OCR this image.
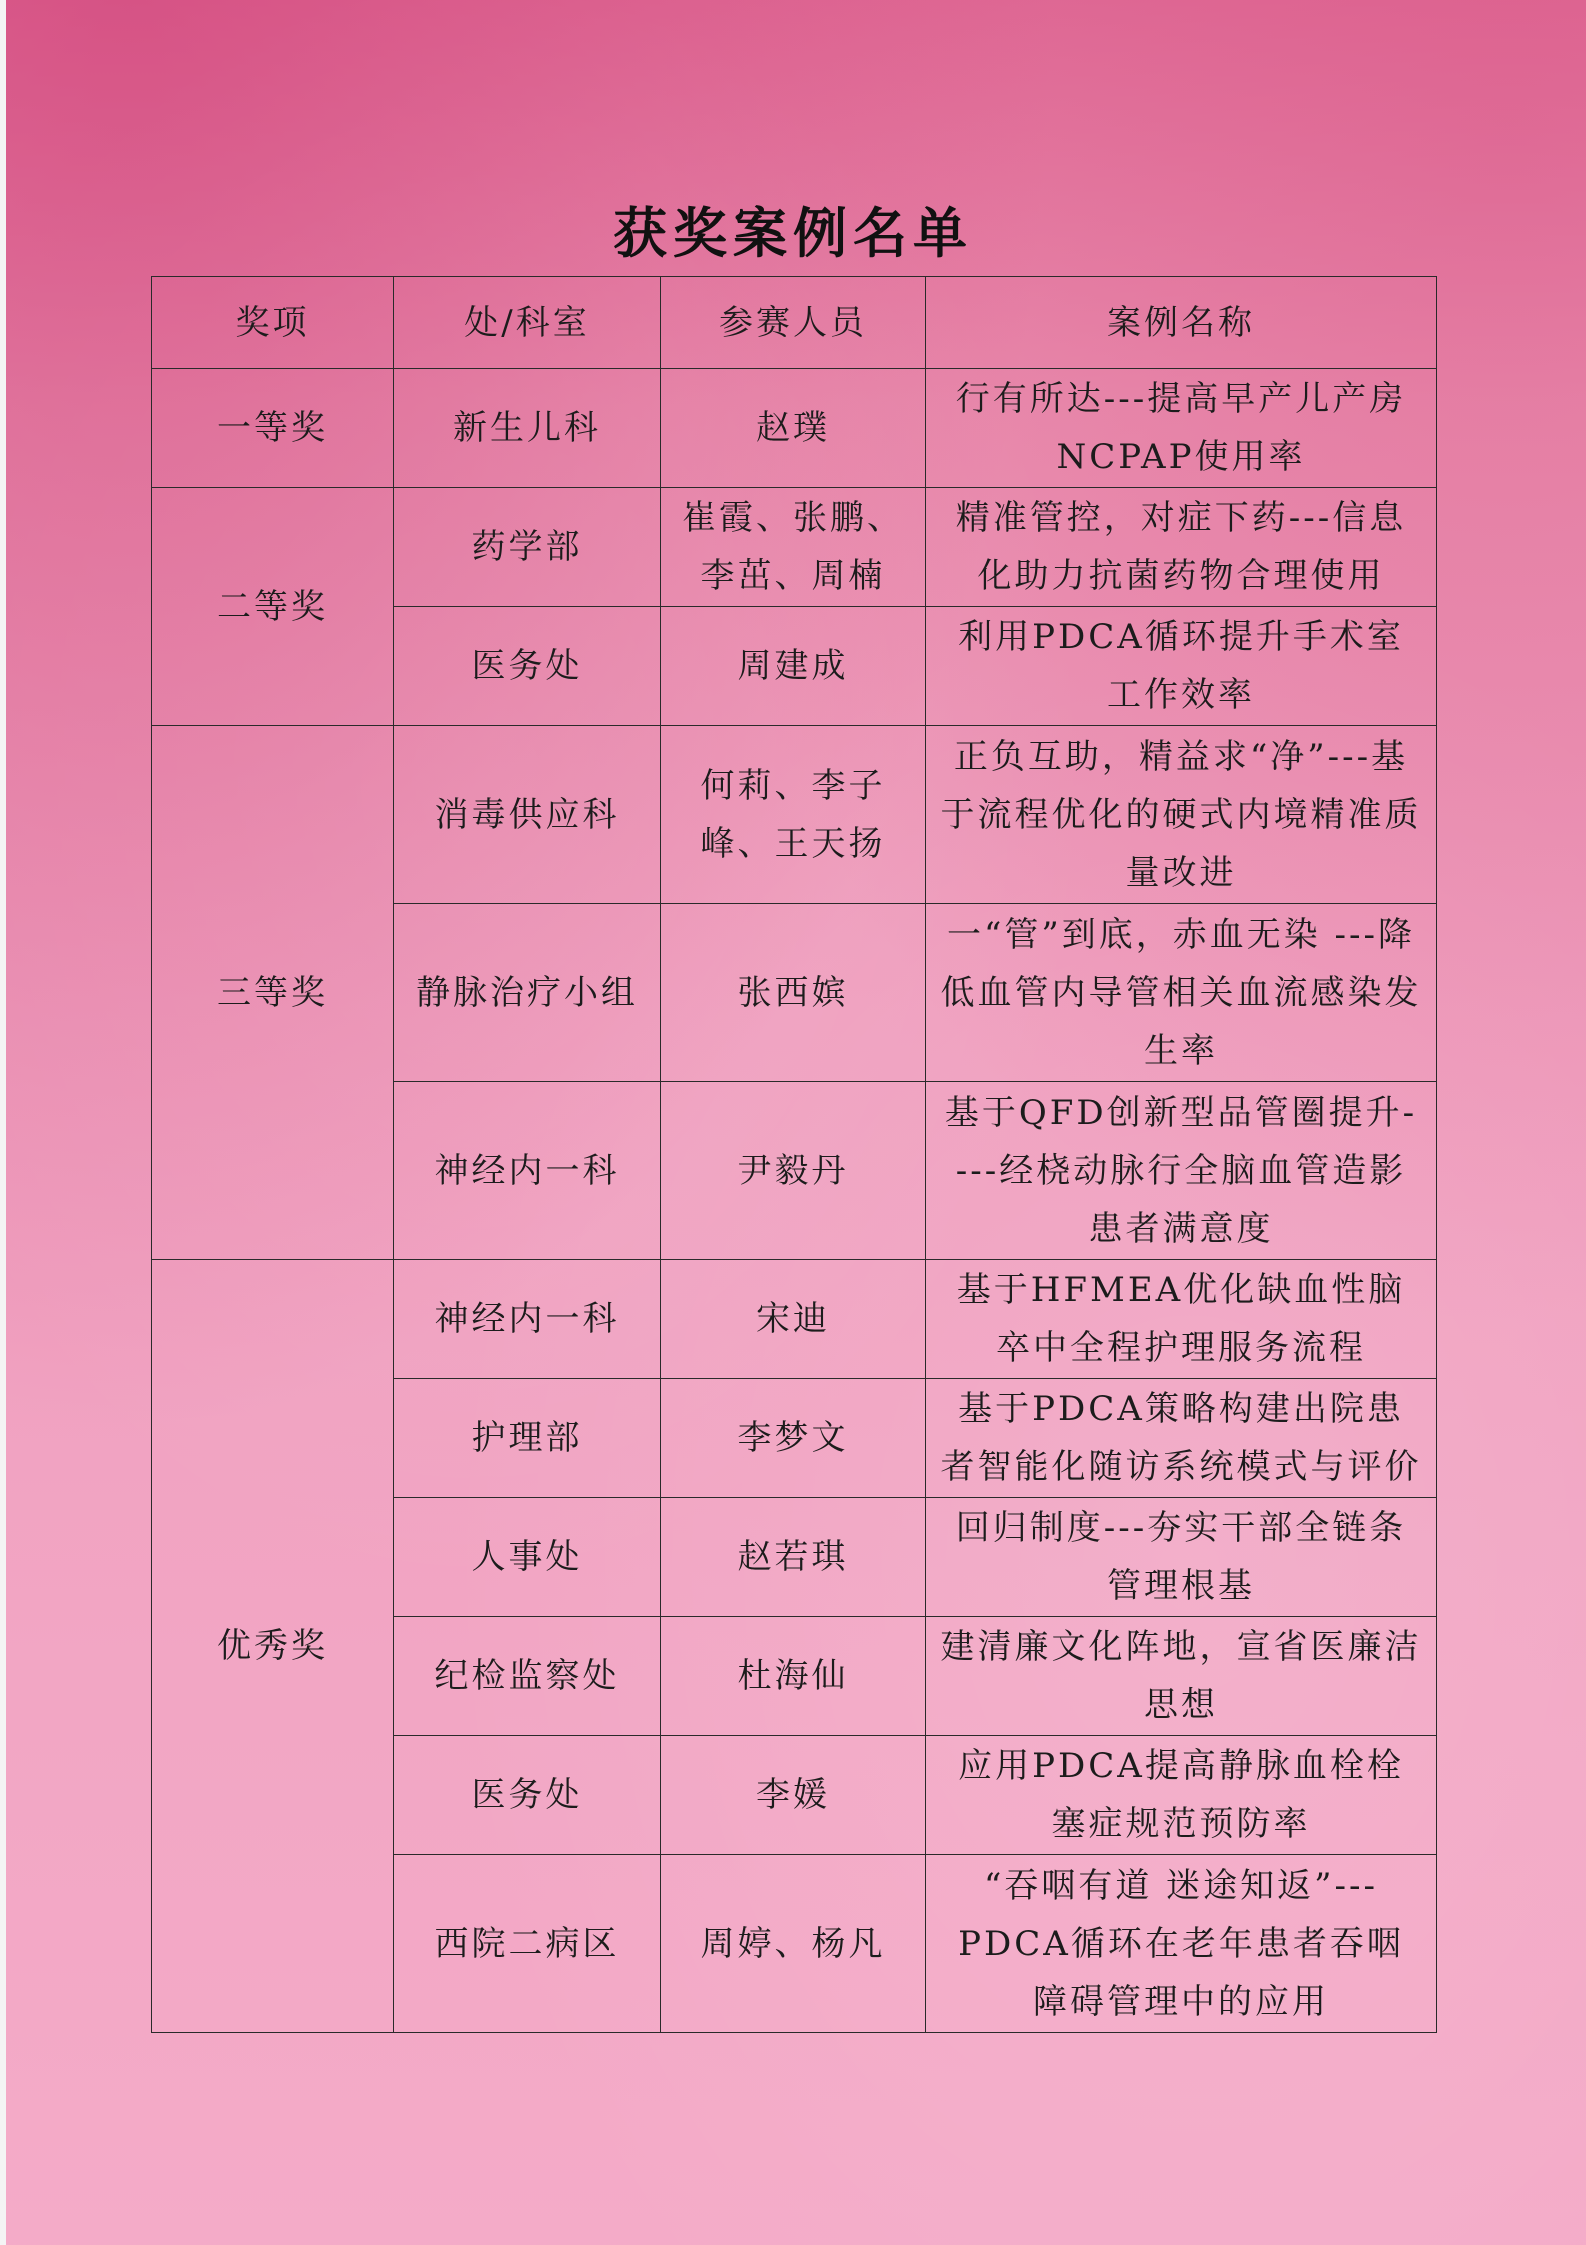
获奖案例名单
奖项	处/科室	参赛人员	案例名称
一等奖	新生儿科	赵璞	行有所达---提高早产儿产房NCPAP使用率
二等奖	药学部	崔霞、张鹏、李茁、周楠	精准管控，对症下药---信息化助力抗菌药物合理使用
	医务处	周建成	利用PDCA循环提升手术室工作效率
三等奖	消毒供应科	何莉、李子峰、王天扬	正负互助，精益求“净”---基于流程优化的硬式内境精准质量改进
	静脉治疗小组	张西嫔	一“管”到底，赤血无染 ---降低血管内导管相关血流感染发生率
	神经内一科	尹毅丹	基于QFD创新型品管圈提升----经桡动脉行全脑血管造影患者满意度
优秀奖	神经内一科	宋迪	基于HFMEA优化缺血性脑卒中全程护理服务流程
	护理部	李梦文	基于PDCA策略构建出院患者智能化随访系统模式与评价
	人事处	赵若琪	回归制度---夯实干部全链条管理根基
	纪检监察处	杜海仙	建清廉文化阵地，宣省医廉洁思想
	医务处	李媛	应用PDCA提高静脉血栓栓塞症规范预防率
	西院二病区	周婷、杨凡	“吞咽有道 迷途知返”---PDCA循环在老年患者吞咽障碍管理中的应用
